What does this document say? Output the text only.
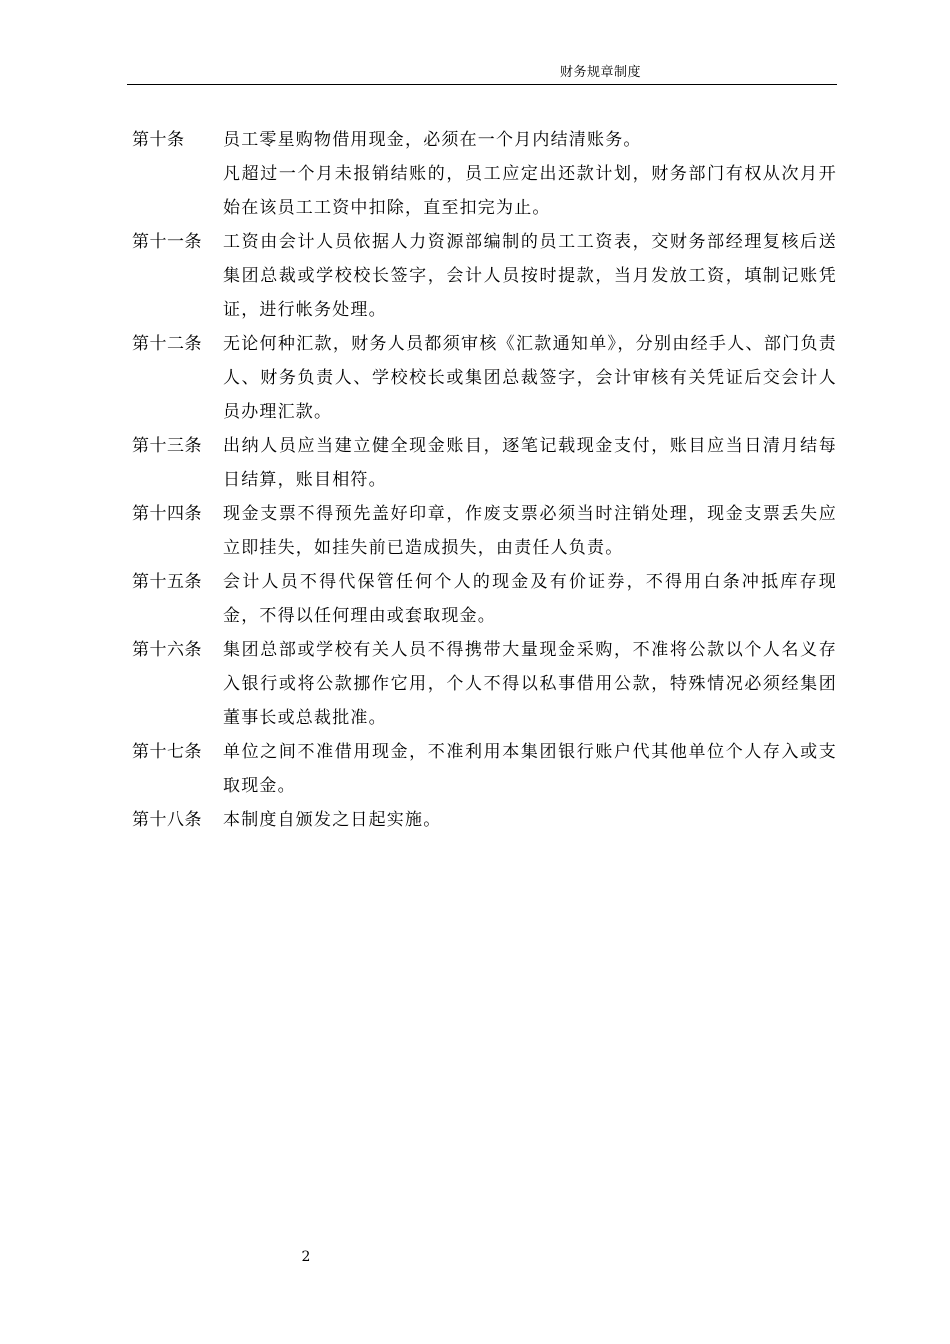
财务规章制度
第十条	员工零星购物借用现金，必须在一个月内结清账务。

凡超过一个月未报销结账的，员工应定出还款计划，财务部门有权从次月开始在该员工工资中扣除，直至扣完为止。

第十一条	工资由会计人员依据人力资源部编制的员工工资表，交财务部经理复核后送集团总裁或学校校长签字，会计人员按时提款，当月发放工资，填制记账凭证，进行帐务处理。

第十二条	无论何种汇款，财务人员都须审核《汇款通知单》，分别由经手人、部门负责人、财务负责人、学校校长或集团总裁签字，会计审核有关凭证后交会计人员办理汇款。

第十三条	出纳人员应当建立健全现金账目，逐笔记载现金支付，账目应当日清月结每日结算，账目相符。

第十四条	现金支票不得预先盖好印章，作废支票必须当时注销处理，现金支票丢失应立即挂失，如挂失前已造成损失，由责任人负责。

第十五条	会计人员不得代保管任何个人的现金及有价证券，不得用白条冲抵库存现金，不得以任何理由或套取现金。

第十六条	集团总部或学校有关人员不得携带大量现金采购，不准将公款以个人名义存入银行或将公款挪作它用，个人不得以私事借用公款，特殊情况必须经集团董事长或总裁批准。

第十七条	单位之间不准借用现金，不准利用本集团银行账户代其他单位个人存入或支取现金。

第十八条	本制度自颁发之日起实施。

2
